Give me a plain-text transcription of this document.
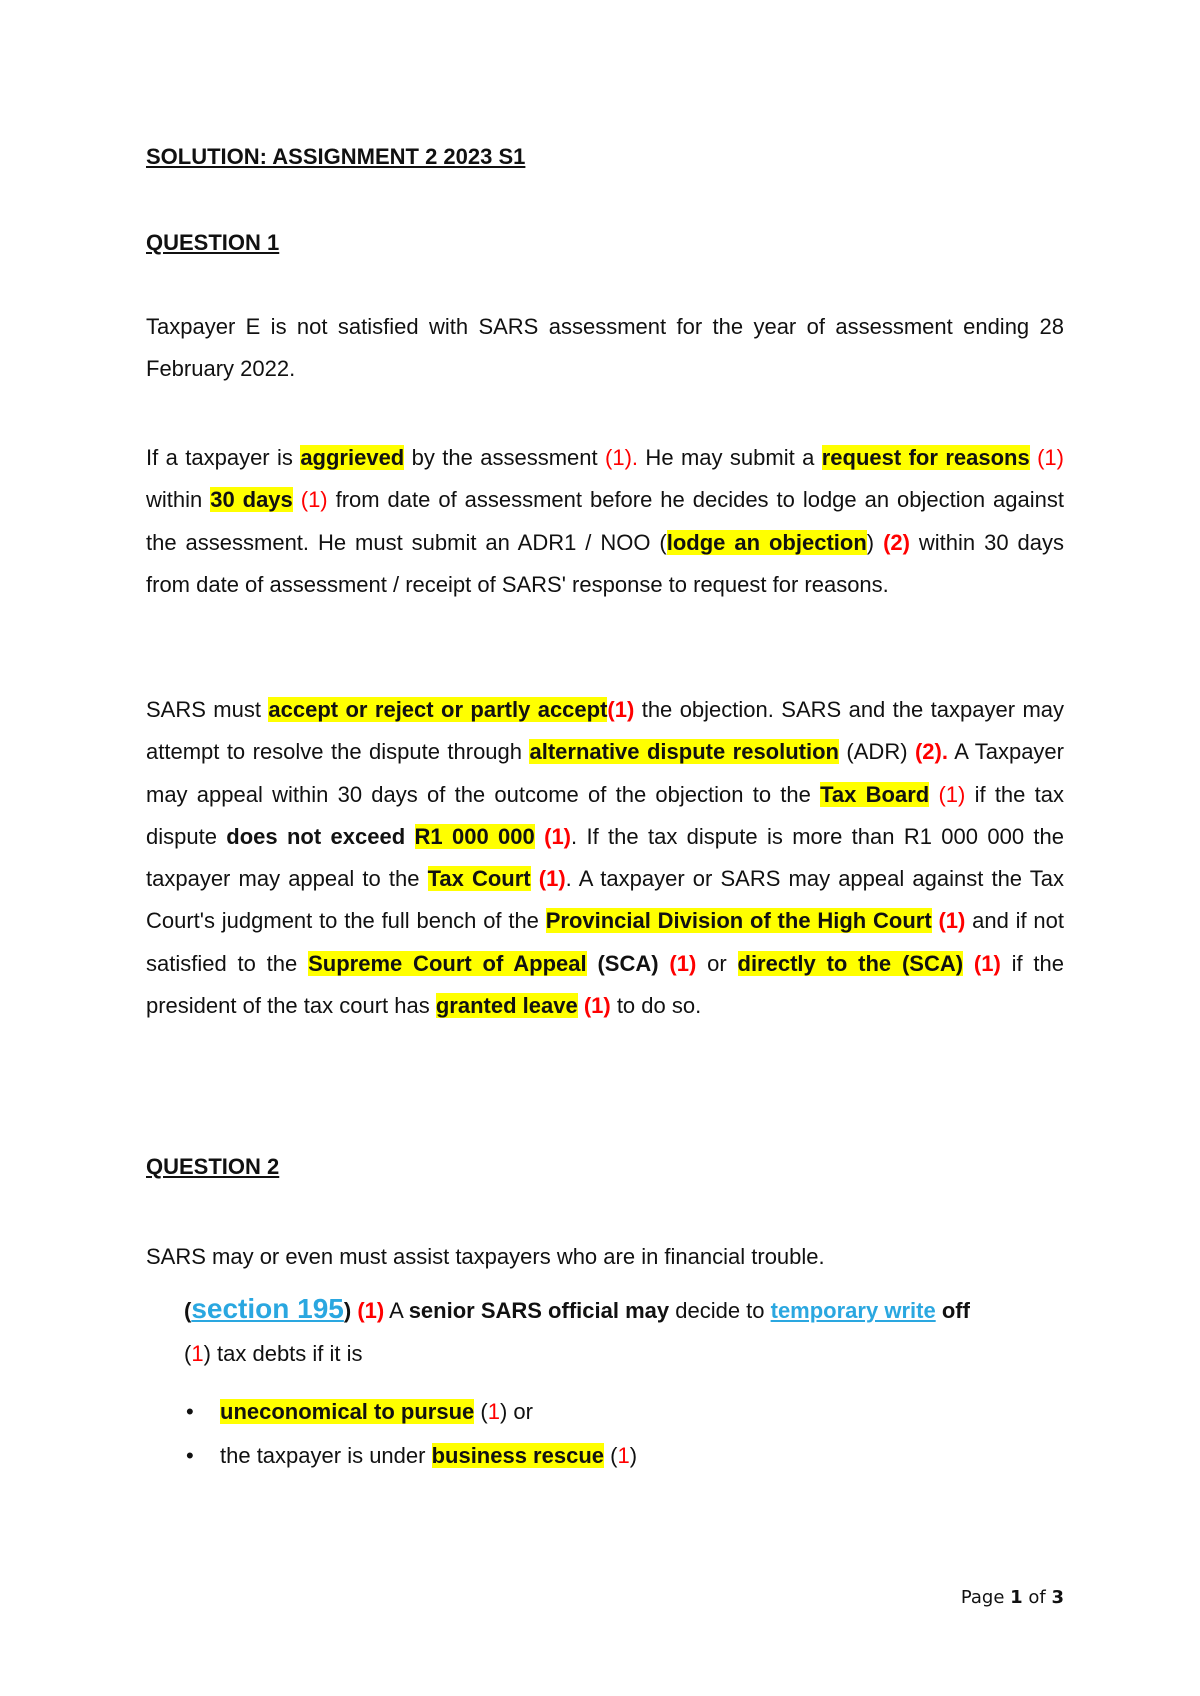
SOLUTION: ASSIGNMENT 2 2023 S1
QUESTION 1
Taxpayer E is not satisfied with SARS assessment for the year of assessment ending 28 February 2022.
If a taxpayer is aggrieved by the assessment (1). He may submit a request for reasons (1) within 30 days (1) from date of assessment before he decides to lodge an objection against the assessment. He must submit an ADR1 / NOO (lodge an objection) (2) within 30 days from date of assessment / receipt of SARS' response to request for reasons.
SARS must accept or reject or partly accept(1) the objection. SARS and the taxpayer may attempt to resolve the dispute through alternative dispute resolution (ADR) (2). A Taxpayer may appeal within 30 days of the outcome of the objection to the Tax Board (1) if the tax dispute does not exceed R1 000 000 (1). If the tax dispute is more than R1 000 000 the taxpayer may appeal to the Tax Court (1). A taxpayer or SARS may appeal against the Tax Court's judgment to the full bench of the Provincial Division of the High Court (1) and if not satisfied to the Supreme Court of Appeal (SCA) (1) or directly to the (SCA) (1) if the president of the tax court has granted leave (1) to do so.
QUESTION 2
SARS may or even must assist taxpayers who are in financial trouble.
(section 195) (1) A senior SARS official may decide to temporary write off
(1) tax debts if it is
• uneconomical to pursue (1) or
• the taxpayer is under business rescue (1)
Page 1 of 3
